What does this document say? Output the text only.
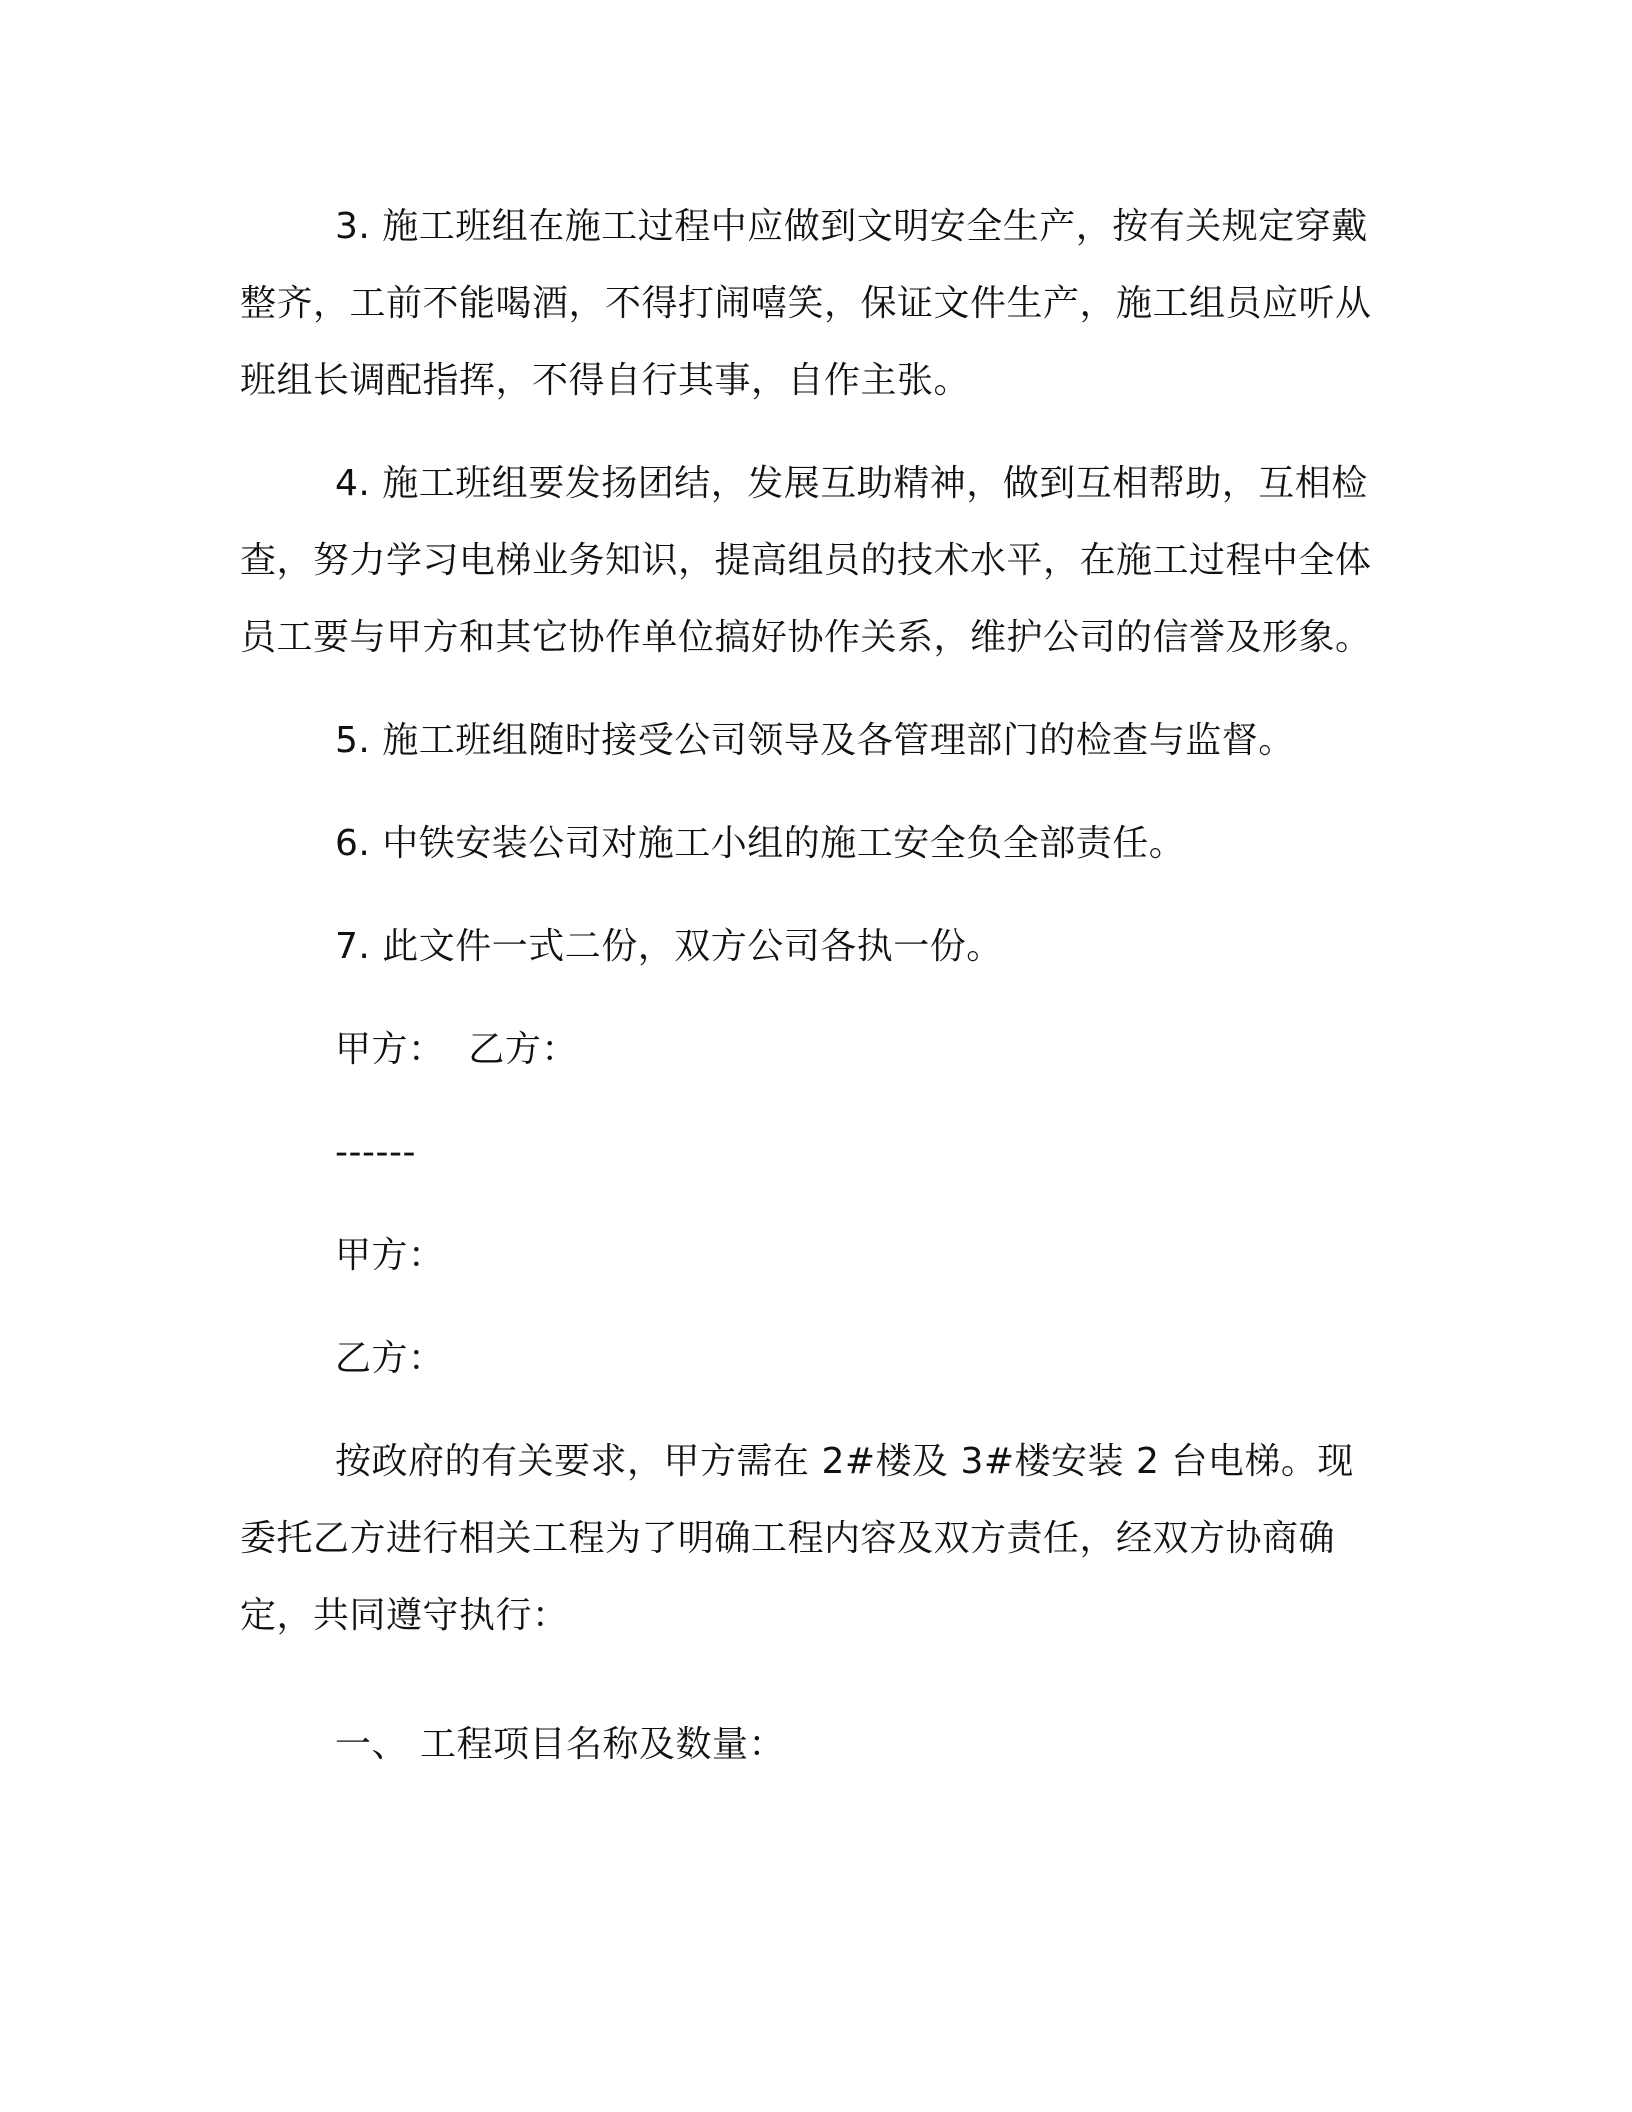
3. 施工班组在施工过程中应做到文明安全生产，按有关规定穿戴整齐，工前不能喝酒，不得打闹嘻笑，保证文件生产，施工组员应听从班组长调配指挥，不得自行其事，自作主张。

4. 施工班组要发扬团结，发展互助精神，做到互相帮助，互相检查，努力学习电梯业务知识，提高组员的技术水平，在施工过程中全体员工要与甲方和其它协作单位搞好协作关系，维护公司的信誉及形象。

5. 施工班组随时接受公司领导及各管理部门的检查与监督。

6. 中铁安装公司对施工小组的施工安全负全部责任。

7. 此文件一式二份，双方公司各执一份。

甲方：  乙方：

------

甲方：

乙方：

按政府的有关要求，甲方需在 2#楼及 3#楼安装 2 台电梯。现委托乙方进行相关工程为了明确工程内容及双方责任，经双方协商确定，共同遵守执行：

一、 工程项目名称及数量：
